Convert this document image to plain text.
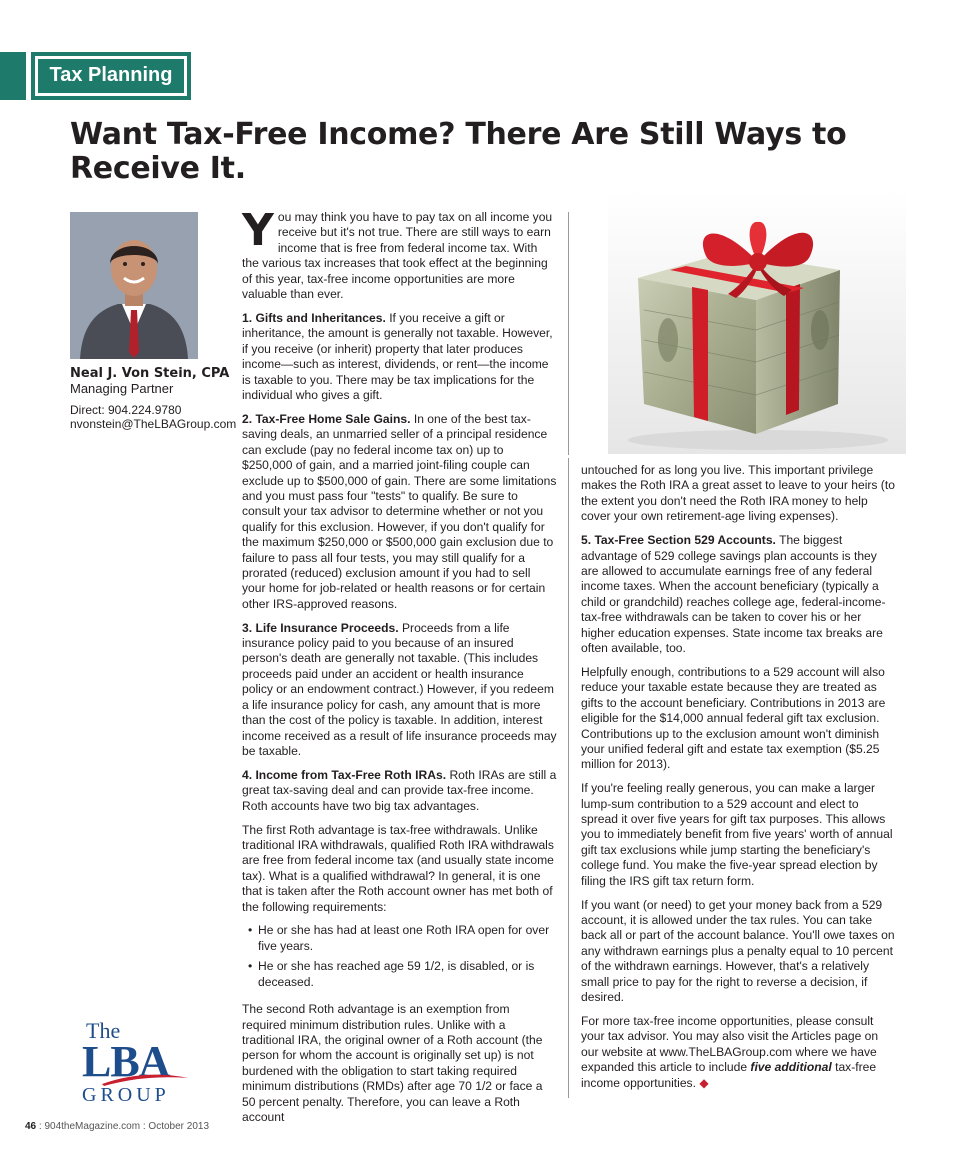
Tax Planning
Want Tax-Free Income? There Are Still Ways to Receive It.
Neal J. Von Stein, CPA
Managing Partner
Direct: 904.224.9780
nvonstein@TheLBAGroup.com

You may think you have to pay tax on all income you receive but it's not true. There are still ways to earn income that is free from federal income tax. With the various tax increases that took effect at the beginning of this year, tax-free income opportunities are more valuable than ever.

1. Gifts and Inheritances. If you receive a gift or inheritance, the amount is generally not taxable. However, if you receive (or inherit) property that later produces income—such as interest, dividends, or rent—the income is taxable to you. There may be tax implications for the individual who gives a gift.

2. Tax-Free Home Sale Gains. In one of the best tax-saving deals, an unmarried seller of a principal residence can exclude (pay no federal income tax on) up to $250,000 of gain, and a married joint-filing couple can exclude up to $500,000 of gain. There are some limitations and you must pass four "tests" to qualify. Be sure to consult your tax advisor to determine whether or not you qualify for this exclusion. However, if you don't qualify for the maximum $250,000 or $500,000 gain exclusion due to failure to pass all four tests, you may still qualify for a prorated (reduced) exclusion amount if you had to sell your home for job-related or health reasons or for certain other IRS-approved reasons.

3. Life Insurance Proceeds. Proceeds from a life insurance policy paid to you because of an insured person's death are generally not taxable. (This includes proceeds paid under an accident or health insurance policy or an endowment contract.) However, if you redeem a life insurance policy for cash, any amount that is more than the cost of the policy is taxable. In addition, interest income received as a result of life insurance proceeds may be taxable.

4. Income from Tax-Free Roth IRAs. Roth IRAs are still a great tax-saving deal and can provide tax-free income. Roth accounts have two big tax advantages.

The first Roth advantage is tax-free withdrawals. Unlike traditional IRA withdrawals, qualified Roth IRA withdrawals are free from federal income tax (and usually state income tax). What is a qualified withdrawal? In general, it is one that is taken after the Roth account owner has met both of the following requirements:

• He or she has had at least one Roth IRA open for over five years.

• He or she has reached age 59 1/2, is disabled, or is deceased.

The second Roth advantage is an exemption from required minimum distribution rules. Unlike with a traditional IRA, the original owner of a Roth account (the person for whom the account is originally set up) is not burdened with the obligation to start taking required minimum distributions (RMDs) after age 70 1/2 or face a 50 percent penalty. Therefore, you can leave a Roth account

untouched for as long you live. This important privilege makes the Roth IRA a great asset to leave to your heirs (to the extent you don't need the Roth IRA money to help cover your own retirement-age living expenses).

5. Tax-Free Section 529 Accounts. The biggest advantage of 529 college savings plan accounts is they are allowed to accumulate earnings free of any federal income taxes. When the account beneficiary (typically a child or grandchild) reaches college age, federal-income-tax-free withdrawals can be taken to cover his or her higher education expenses. State income tax breaks are often available, too.

Helpfully enough, contributions to a 529 account will also reduce your taxable estate because they are treated as gifts to the account beneficiary. Contributions in 2013 are eligible for the $14,000 annual federal gift tax exclusion. Contributions up to the exclusion amount won't diminish your unified federal gift and estate tax exemption ($5.25 million for 2013).

If you're feeling really generous, you can make a larger lump-sum contribution to a 529 account and elect to spread it over five years for gift tax purposes. This allows you to immediately benefit from five years' worth of annual gift tax exclusions while jump starting the beneficiary's college fund. You make the five-year spread election by filing the IRS gift tax return form.

If you want (or need) to get your money back from a 529 account, it is allowed under the tax rules. You can take back all or part of the account balance. You'll owe taxes on any withdrawn earnings plus a penalty equal to 10 percent of the withdrawn earnings. However, that's a relatively small price to pay for the right to reverse a decision, if desired.

For more tax-free income opportunities, please consult your tax advisor. You may also visit the Articles page on our website at www.TheLBAGroup.com where we have expanded this article to include five additional tax-free income opportunities. ◆

The
LBA
GROUP
46 : 904theMagazine.com : October 2013
